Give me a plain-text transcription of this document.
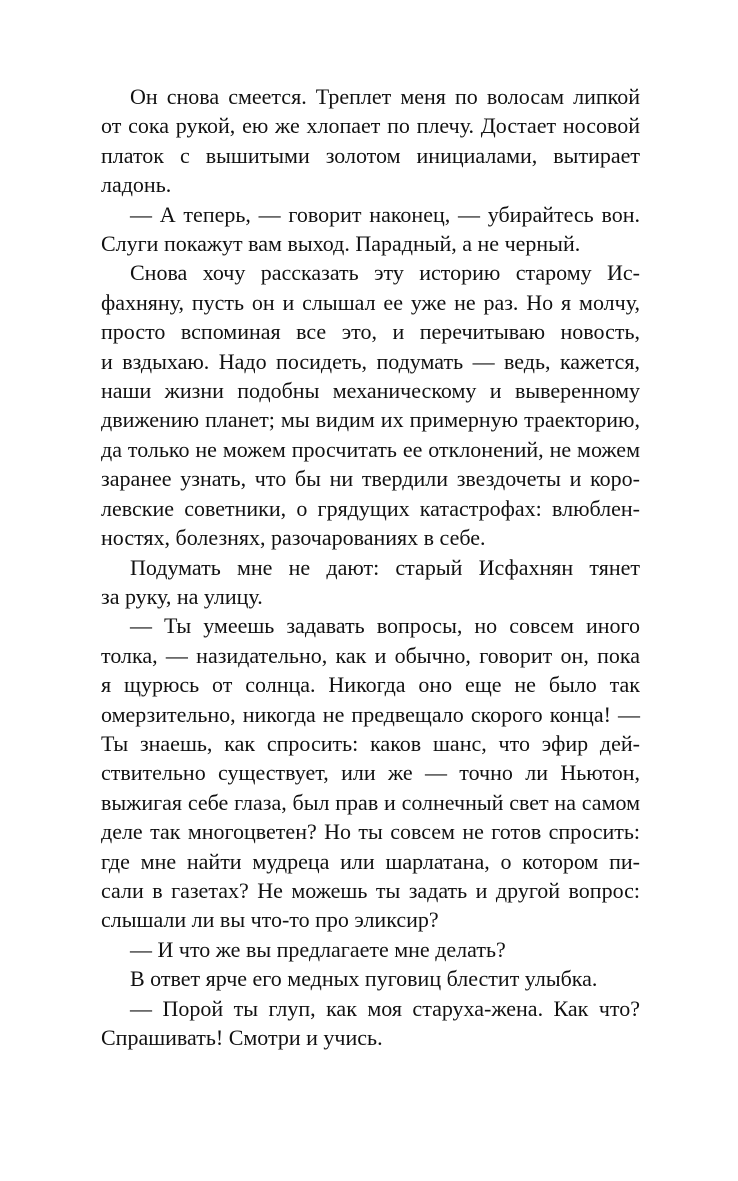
Он снова смеется. Треплет меня по волосам липкой
от сока рукой, ею же хлопает по плечу. Достает носовой
платок с вышитыми золотом инициалами, вытирает
ладонь.
— А теперь, — говорит наконец, — убирайтесь вон.
Слуги покажут вам выход. Парадный, а не черный.
Снова хочу рассказать эту историю старому Ис-
фахняну, пусть он и слышал ее уже не раз. Но я молчу,
просто вспоминая все это, и перечитываю новость,
и вздыхаю. Надо посидеть, подумать — ведь, кажется,
наши жизни подобны механическому и выверенному
движению планет; мы видим их примерную траекторию,
да только не можем просчитать ее отклонений, не можем
заранее узнать, что бы ни твердили звездочеты и коро-
левские советники, о грядущих катастрофах: влюблен-
ностях, болезнях, разочарованиях в себе.
Подумать мне не дают: старый Исфахнян тянет
за руку, на улицу.
— Ты умеешь задавать вопросы, но совсем иного
толка, — назидательно, как и обычно, говорит он, пока
я щурюсь от солнца. Никогда оно еще не было так
омерзительно, никогда не предвещало скорого конца! —
Ты знаешь, как спросить: каков шанс, что эфир дей-
ствительно существует, или же — точно ли Ньютон,
выжигая себе глаза, был прав и солнечный свет на самом
деле так многоцветен? Но ты совсем не готов спросить:
где мне найти мудреца или шарлатана, о котором пи-
сали в газетах? Не можешь ты задать и другой вопрос:
слышали ли вы что-то про эликсир?
— И что же вы предлагаете мне делать?
В ответ ярче его медных пуговиц блестит улыбка.
— Порой ты глуп, как моя старуха-жена. Как что?
Спрашивать! Смотри и учись.
